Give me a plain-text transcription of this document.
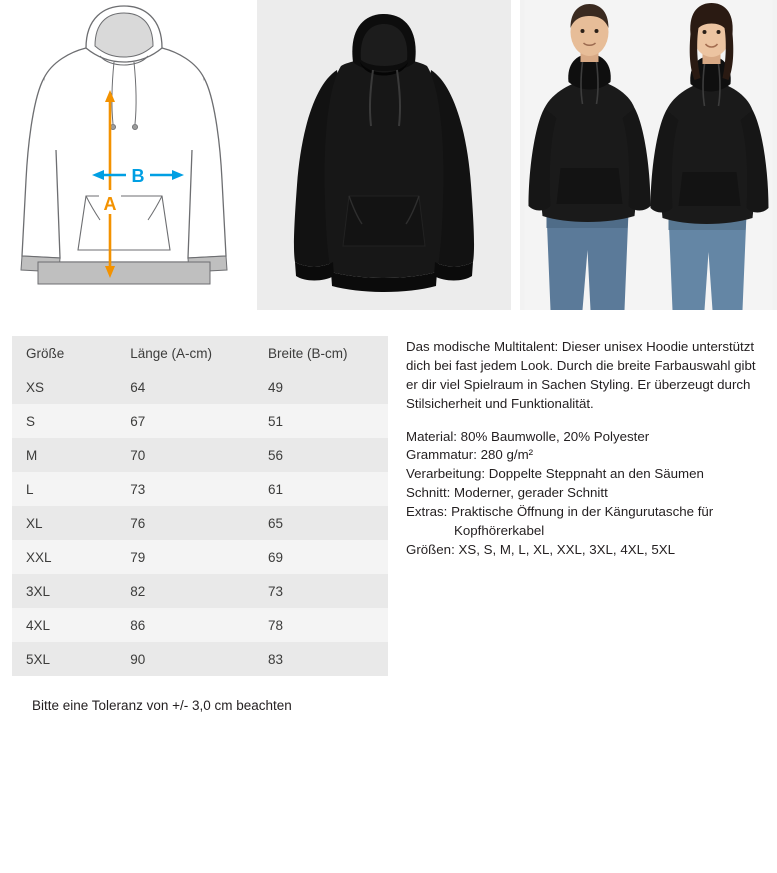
A
B
Größe	Länge (A-cm)	Breite (B-cm)
XS	64	49
S	67	51
M	70	56
L	73	61
XL	76	65
XXL	79	69
3XL	82	73
4XL	86	78
5XL	90	83
Bitte eine Toleranz von +/- 3,0 cm beachten

Das modische Multitalent: Dieser unisex Hoodie unterstützt dich bei fast jedem Look. Durch die breite Farbauswahl gibt er dir viel Spielraum in Sachen Styling. Er überzeugt durch Stilsicherheit und Funktionalität.

Material: 80% Baumwolle, 20% Polyester

Grammatur: 280 g/m²

Verarbeitung: Doppelte Steppnaht an den Säumen

Schnitt: Moderner, gerader Schnitt

Extras: Praktische Öffnung in der Kängurutasche für

Kopfhörerkabel

Größen: XS, S, M, L, XL, XXL, 3XL, 4XL, 5XL
